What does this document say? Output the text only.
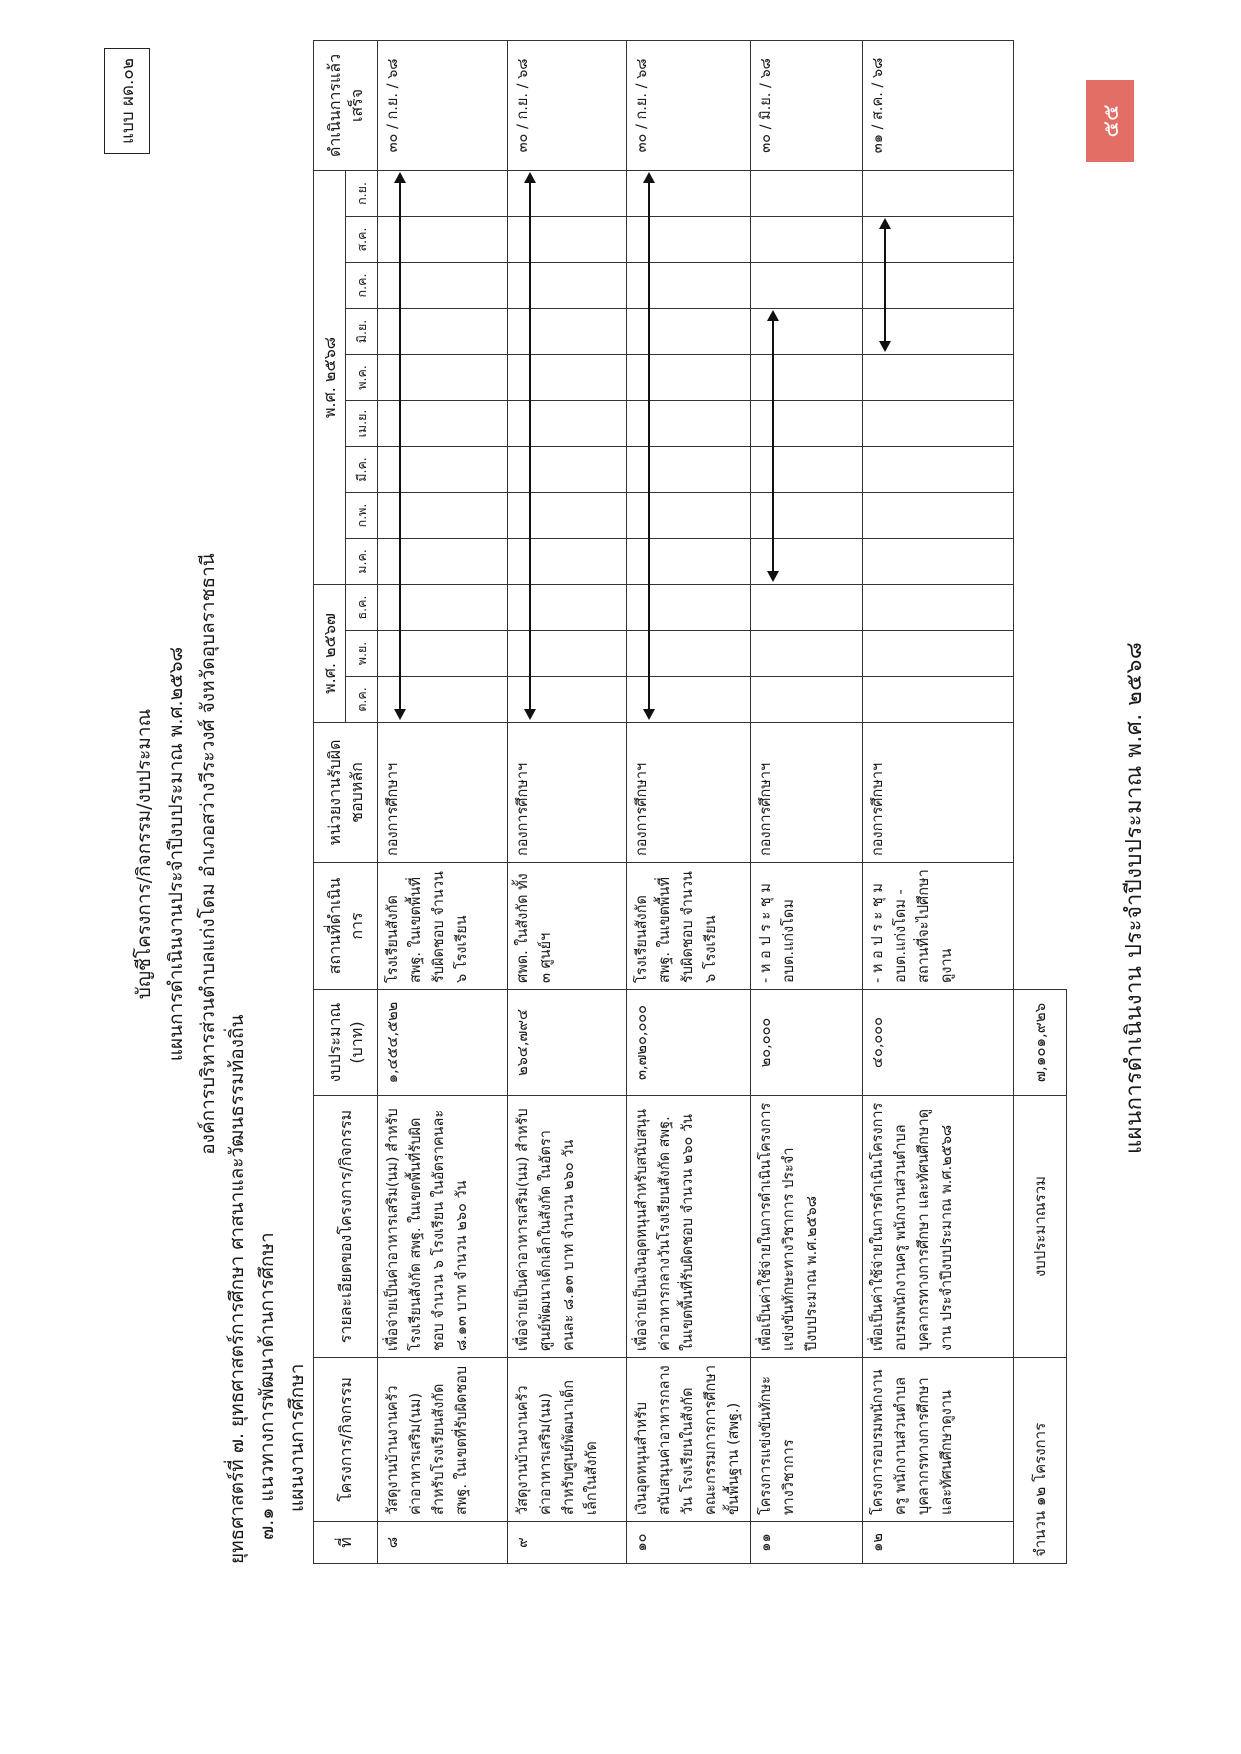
แบบ ผด.๐๒
บัญชีโครงการ/กิจกรรม/งบประมาณ แผนการดำเนินงานประจำปีงบประมาณ พ.ศ.๒๕๖๘ องค์การบริหารส่วนตำบลแก่งโดม อำเภอสว่างวีระวงศ์ จังหวัดอุบลราชธานี
ยุทธศาสตร์ที่ ๗. ยุทธศาสตร์การศึกษา ศาสนาและวัฒนธรรมท้องถิ่น ๗.๑ แนวทางการพัฒนาด้านการศึกษา แผนงานการศึกษา
ที่	โครงการ/กิจกรรม	รายละเอียดของโครงการ/กิจกรรม	งบประมาณ (บาท)	สถานที่ดำเนินการ	หน่วยงานรับผิดชอบหลัก	พ.ศ. ๒๕๖๗			พ.ศ. ๒๕๖๘									ดำเนินการแล้วเสร็จ
						ต.ค.	พ.ย.	ธ.ค.	ม.ค.	ก.พ.	มี.ค.	เม.ย.	พ.ค.	มิ.ย.	ก.ค.	ส.ค.	ก.ย.	
๘	วัสดุงานบ้านงานครัว ค่าอาหารเสริม(นม) สำหรับโรงเรียนสังกัด สพฐ. ในเขตที่รับผิดชอบ	เพื่อจ่ายเป็นค่าอาหารเสริม(นม) สำหรับโรงเรียนสังกัด สพฐ. ในเขตพื้นที่รับผิดชอบ จำนวน ๖ โรงเรียน ในอัตราคนละ ๘.๑๓ บาท จำนวน ๒๖๐ วัน	๑,๔๕๔,๕๒๒	โรงเรียนสังกัด สพฐ. ในเขตพื้นที่รับผิดชอบ จำนวน ๖ โรงเรียน	กองการศึกษาฯ													๓๐ / ก.ย. / ๖๘
๙	วัสดุงานบ้านงานครัว ค่าอาหารเสริม(นม) สำหรับศูนย์พัฒนาเด็กเล็กในสังกัด	เพื่อจ่ายเป็นค่าอาหารเสริม(นม) สำหรับศูนย์พัฒนาเด็กเล็กในสังกัด ในอัตราคนละ ๘.๑๓ บาท จำนวน ๒๖๐ วัน	๒๖๔,๗๙๔	ศพด. ในสังกัด ทั้ง ๓ ศูนย์ฯ	กองการศึกษาฯ													๓๐ / ก.ย. / ๖๘
๑๐	เงินอุดหนุนสำหรับสนับสนุนค่าอาหารกลางวัน โรงเรียนในสังกัดคณะกรรมการการศึกษาขั้นพื้นฐาน (สพฐ.)	เพื่อจ่ายเป็นเงินอุดหนุนสำหรับสนับสนุนค่าอาหารกลางวันโรงเรียนสังกัด สพฐ. ในเขตพื้นที่รับผิดชอบ จำนวน ๒๖๐ วัน	๓,๗๒๐,๐๐๐	โรงเรียนสังกัด สพฐ. ในเขตพื้นที่รับผิดชอบ จำนวน ๖ โรงเรียน	กองการศึกษาฯ													๓๐ / ก.ย. / ๖๘
๑๑	โครงการแข่งขันทักษะทางวิชาการ	เพื่อเป็นค่าใช้จ่ายในการดำเนินโครงการแข่งขันทักษะทางวิชาการ ประจำปีงบประมาณ พ.ศ.๒๕๖๘	๒๐,๐๐๐	- ห อ ป ร ะ ชุ ม อบต.แก่งโดม	กองการศึกษาฯ													๓๐ / มิ.ย. / ๖๘
๑๒	โครงการอบรมพนักงานครู พนักงานส่วนตำบล บุคลากรทางการศึกษา และทัศนศึกษาดูงาน	เพื่อเป็นค่าใช้จ่ายในการดำเนินโครงการอบรมพนักงานครู พนักงานส่วนตำบล บุคลากรทางการศึกษา และทัศนศึกษาดูงาน ประจำปีงบประมาณ พ.ศ.๒๕๖๘	๔๐,๐๐๐	- ห อ ป ร ะ ชุ ม อบต.แก่งโดม - สถานที่จะไปศึกษาดูงาน	กองการศึกษาฯ													๓๑ / ส.ค. / ๖๘
จำนวน ๑๒ โครงการ		งบประมาณรวม	๗,๑๐๑,๙๒๖																แผนการดำเนินงาน ประจำปีงบประมาณ พ.ศ. ๒๕๖๘
๕๕
